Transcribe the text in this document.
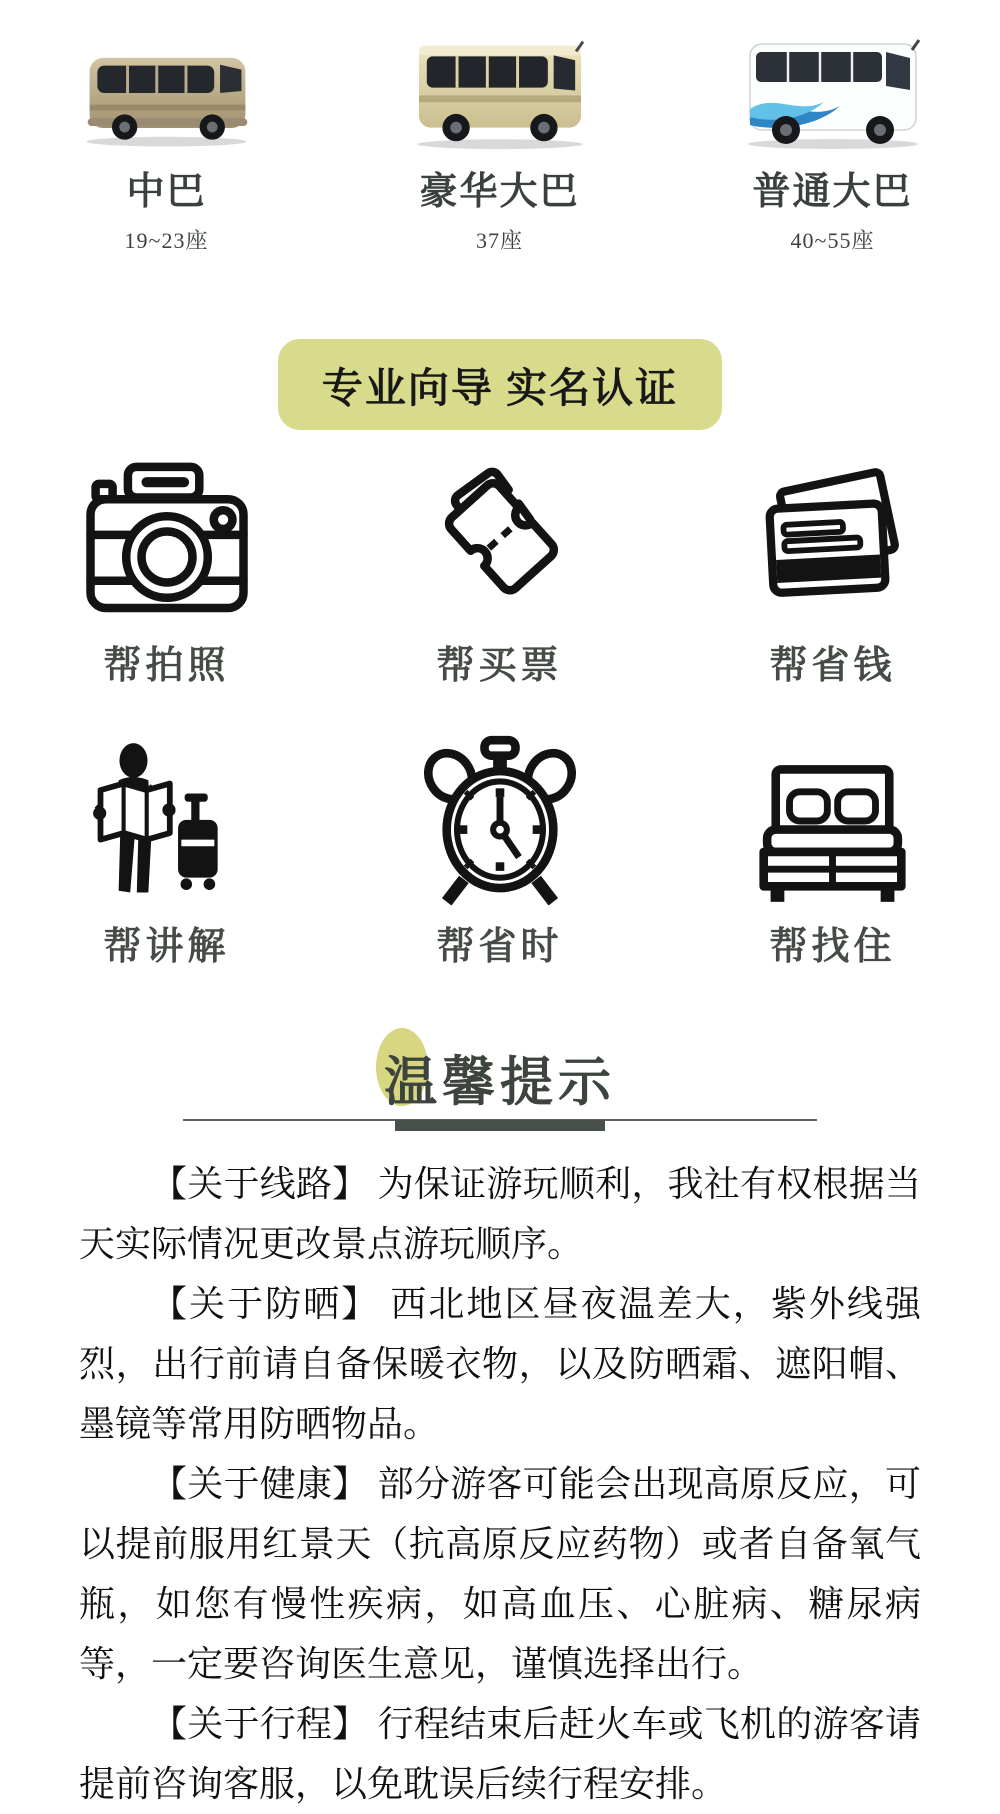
中巴
19~23座
豪华大巴
37座
普通大巴
40~55座
专业向导 实名认证
帮拍照	帮买票	帮省钱
帮讲解	帮省时	帮找住
温馨提示

【关于线路】 为保证游玩顺利，我社有权根据当天实际情况更改景点游玩顺序。

【关于防晒】 西北地区昼夜温差大，紫外线强烈，出行前请自备保暖衣物，以及防晒霜、遮阳帽、墨镜等常用防晒物品。

【关于健康】 部分游客可能会出现高原反应，可以提前服用红景天（抗高原反应药物）或者自备氧气瓶，如您有慢性疾病，如高血压、心脏病、糖尿病等，一定要咨询医生意见，谨慎选择出行。

【关于行程】 行程结束后赶火车或飞机的游客请提前咨询客服，以免耽误后续行程安排。
